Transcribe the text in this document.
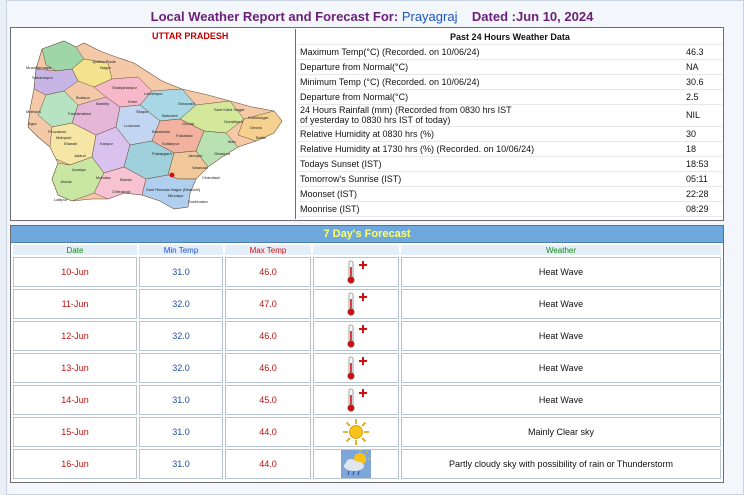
Local Weather Report and Forecast For: Prayagraj Dated :Jun 10, 2024
UTTAR PRADESH
Jyotiba Phule
Muzaffarnagar	Nagar
Saharanpur
Shahjahanpur
Lakhimpur
Budaun
Bareilly
Sitapur
Shravasti
Sant Kabir Nagar
Kheri
Bahraich
Gonda
Deoria
Gorakhpur
Kushinagar
Mau
Ballia
Farrukhabad
Lucknow
Barabanki
Faizabad
Sultanpur
Pratapgarh	Jaunpur	Ghazipur
Varanasi
Chandauli
Kanpur
Jalaun
Jhansi
Mahoba Banda
Chitrakoot	Sant Ravidas Nagar (Bhadohi)
Mirzapur
Sonbhadra
Lalitpur
Agra
Mathura
Firozabad
Etawah
Mainpuri
Auraiya
Past 24 Hours Weather Data	
Maximum Temp(°C) (Recorded. on 10/06/24)	46.3
Departure from Normal(°C)	NA
Minimum Temp (°C) (Recorded. on 10/06/24)	30.6
Departure from Normal(°C)	2.5
24 Hours Rainfall (mm) (Recorded from 0830 hrs IST
of yesterday to 0830 hrs IST of today)	NIL
Relative Humidity at 0830 hrs (%)	30
Relative Humidity at 1730 hrs (%) (Recorded. on 10/06/24)	18
Todays Sunset (IST)	18:53
Tomorrow's Sunrise (IST)	05:11
Moonset (IST)	22:28
Moonrise (IST)	08:29
7 Day's Forecast
Date	Min Temp	Max Temp		Weather
10-Jun	31.0	46.0		Heat Wave
11-Jun	32.0	47.0		Heat Wave
12-Jun	32.0	46.0		Heat Wave
13-Jun	32.0	46.0		Heat Wave
14-Jun	31.0	45.0		Heat Wave
15-Jun	31.0	44.0		Mainly Clear sky
16-Jun	31.0	44.0		Partly cloudy sky with possibility of rain or Thunderstorm
